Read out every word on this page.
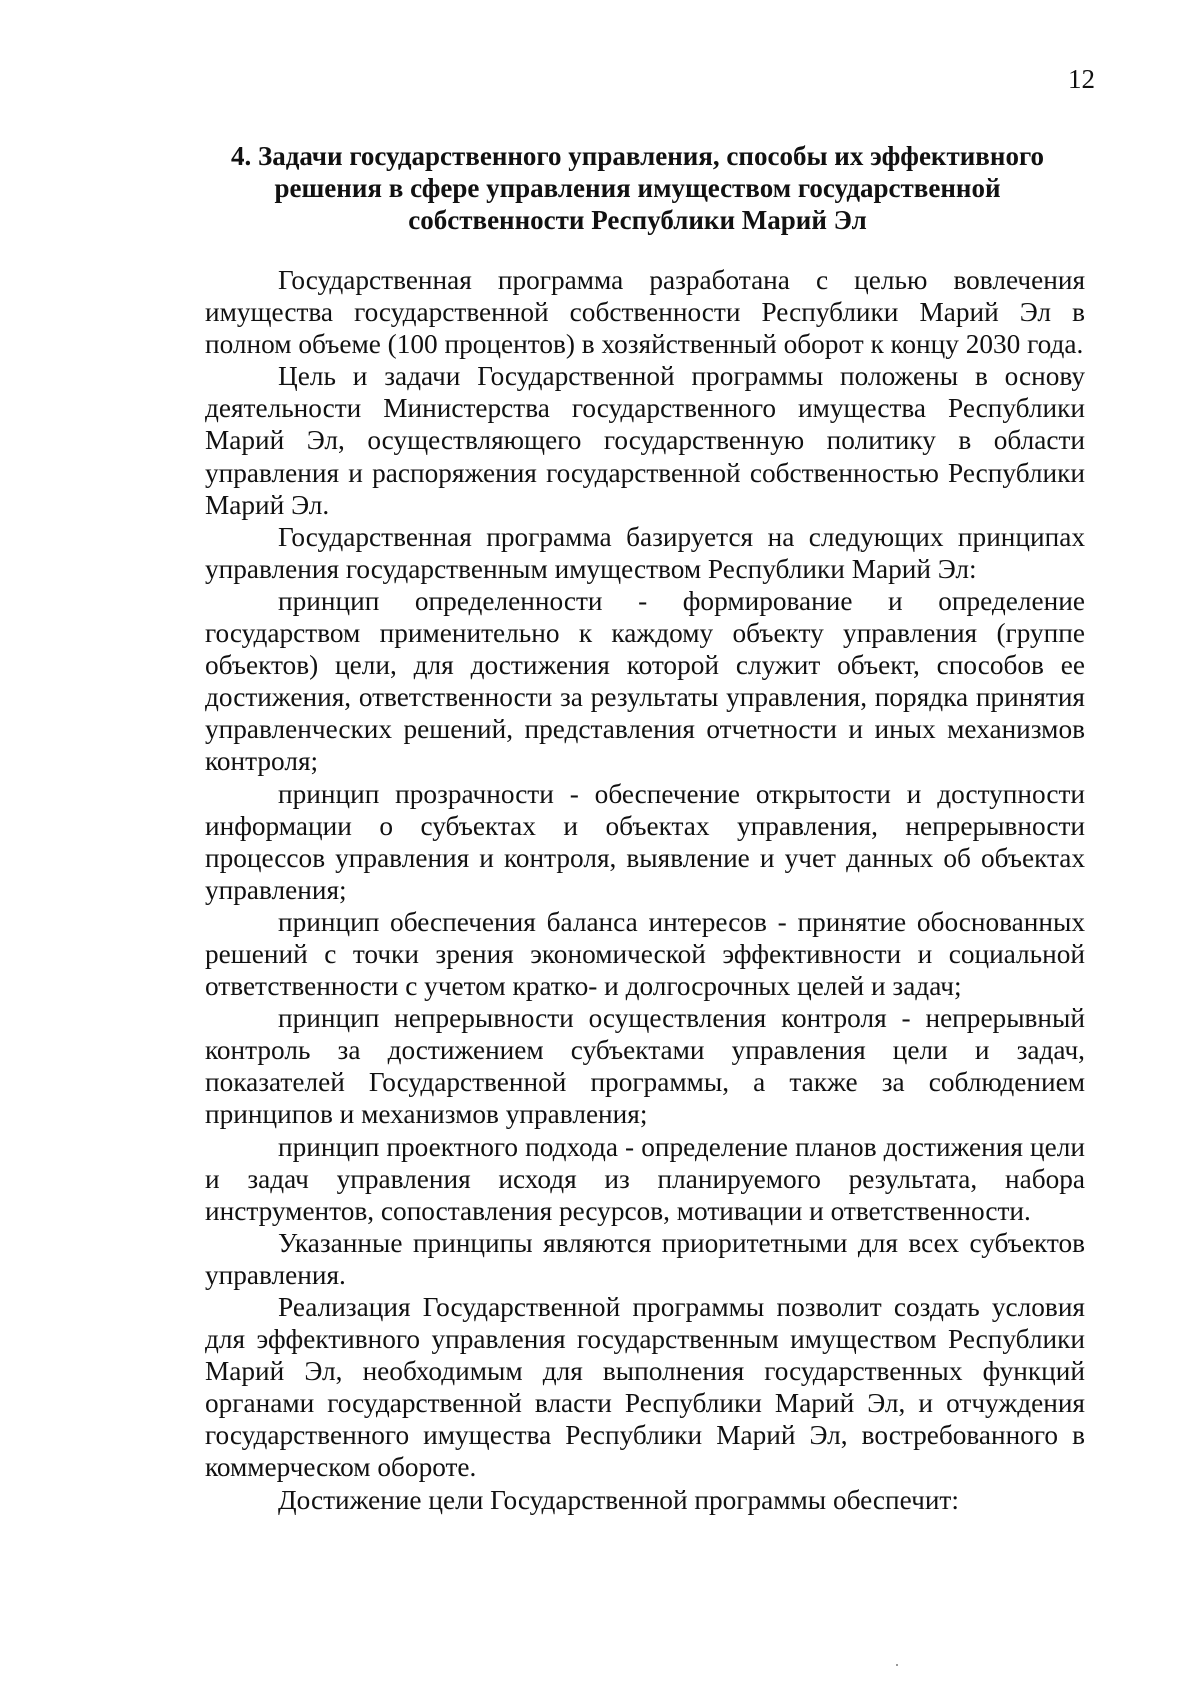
12
4. Задачи государственного управления, способы их эффективного
решения в сфере управления имуществом государственной
собственности Республики Марий Эл

Государственная программа разработана с целью вовлечения имущества государственной собственности Республики Марий Эл в полном объеме (100 процентов) в хозяйственный оборот к концу 2030 года.

Цель и задачи Государственной программы положены в основу деятельности Министерства государственного имущества Республики Марий Эл, осуществляющего государственную политику в области управления и распоряжения государственной собственностью Республики Марий Эл.

Государственная программа базируется на следующих принципах управления государственным имуществом Республики Марий Эл:

принцип определенности - формирование и определение государством применительно к каждому объекту управления (группе объектов) цели, для достижения которой служит объект, способов ее достижения, ответственности за результаты управления, порядка принятия управленческих решений, представления отчетности и иных механизмов контроля;

принцип прозрачности - обеспечение открытости и доступности информации о субъектах и объектах управления, непрерывности процессов управления и контроля, выявление и учет данных об объектах управления;

принцип обеспечения баланса интересов - принятие обоснованных решений с точки зрения экономической эффективности и социальной ответственности с учетом кратко- и долгосрочных целей и задач;

принцип непрерывности осуществления контроля - непрерывный контроль за достижением субъектами управления цели и задач, показателей Государственной программы, а также за соблюдением принципов и механизмов управления;

принцип проектного подхода - определение планов достижения цели и задач управления исходя из планируемого результата, набора инструментов, сопоставления ресурсов, мотивации и ответственности.

Указанные принципы являются приоритетными для всех субъектов управления.

Реализация Государственной программы позволит создать условия для эффективного управления государственным имуществом Республики Марий Эл, необходимым для выполнения государственных функций органами государственной власти Республики Марий Эл, и отчуждения государственного имущества Республики Марий Эл, востребованного в коммерческом обороте.

Достижение цели Государственной программы обеспечит:
